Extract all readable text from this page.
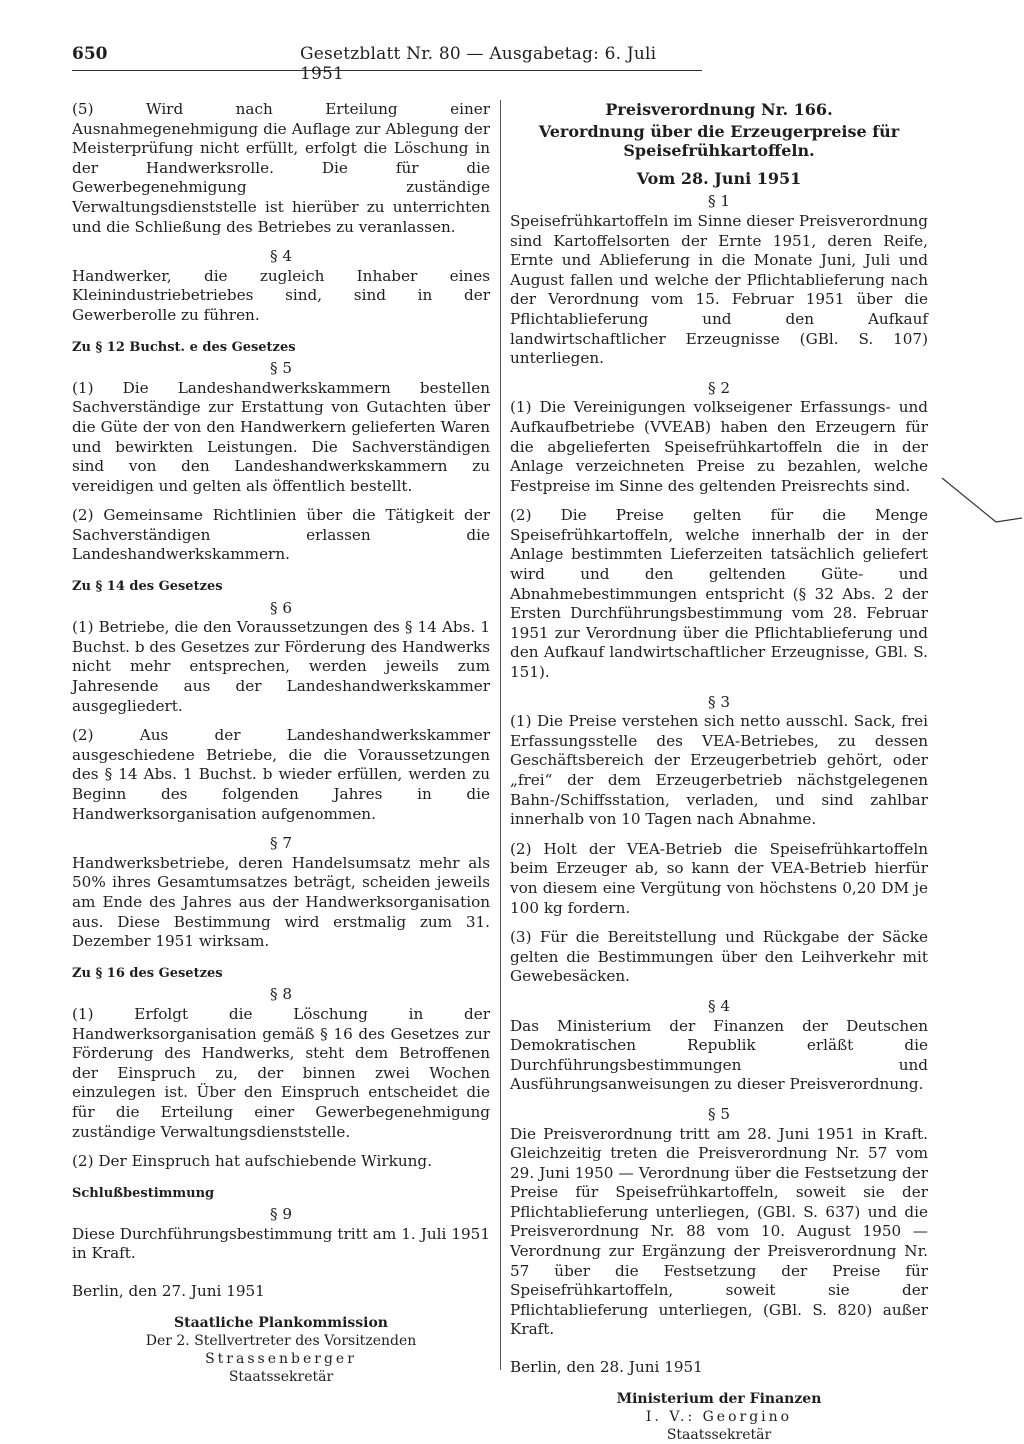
650	Gesetzblatt Nr. 80 — Ausgabetag: 6. Juli 1951

(5) Wird nach Erteilung einer Ausnahmegenehmigung die Auflage zur Ablegung der Meisterprüfung nicht erfüllt, erfolgt die Löschung in der Handwerksrolle. Die für die Gewerbegenehmigung zuständige Verwaltungsdienststelle ist hierüber zu unterrichten und die Schließung des Betriebes zu veranlassen.

§ 4

Handwerker, die zugleich Inhaber eines Kleinindustriebetriebes sind, sind in der Gewerberolle zu führen.

Zu § 12 Buchst. e des Gesetzes
§ 5

(1) Die Landeshandwerkskammern bestellen Sachverständige zur Erstattung von Gutachten über die Güte der von den Handwerkern gelieferten Waren und bewirkten Leistungen. Die Sachverständigen sind von den Landeshandwerkskammern zu vereidigen und gelten als öffentlich bestellt.

(2) Gemeinsame Richtlinien über die Tätigkeit der Sachverständigen erlassen die Landeshandwerkskammern.

Zu § 14 des Gesetzes
§ 6

(1) Betriebe, die den Voraussetzungen des § 14 Abs. 1 Buchst. b des Gesetzes zur Förderung des Handwerks nicht mehr entsprechen, werden jeweils zum Jahresende aus der Landeshandwerkskammer ausgegliedert.

(2) Aus der Landeshandwerkskammer ausgeschiedene Betriebe, die die Voraussetzungen des § 14 Abs. 1 Buchst. b wieder erfüllen, werden zu Beginn des folgenden Jahres in die Handwerksorganisation aufgenommen.

§ 7

Handwerksbetriebe, deren Handelsumsatz mehr als 50% ihres Gesamtumsatzes beträgt, scheiden jeweils am Ende des Jahres aus der Handwerksorganisation aus. Diese Bestimmung wird erstmalig zum 31. Dezember 1951 wirksam.

Zu § 16 des Gesetzes
§ 8

(1) Erfolgt die Löschung in der Handwerksorganisation gemäß § 16 des Gesetzes zur Förderung des Handwerks, steht dem Betroffenen der Einspruch zu, der binnen zwei Wochen einzulegen ist. Über den Einspruch entscheidet die für die Erteilung einer Gewerbegenehmigung zuständige Verwaltungsdienststelle.

(2) Der Einspruch hat aufschiebende Wirkung.

Schlußbestimmung
§ 9

Diese Durchführungsbestimmung tritt am 1. Juli 1951 in Kraft.

Berlin, den 27. Juni 1951
Staatliche Plankommission
Der 2. Stellvertreter des Vorsitzenden
Strassenberger
Staatssekretär
Preisverordnung Nr. 166.
Verordnung über die Erzeugerpreise für Speisefrühkartoffeln.
Vom 28. Juni 1951
§ 1

Speisefrühkartoffeln im Sinne dieser Preisverordnung sind Kartoffelsorten der Ernte 1951, deren Reife, Ernte und Ablieferung in die Monate Juni, Juli und August fallen und welche der Pflichtablieferung nach der Verordnung vom 15. Februar 1951 über die Pflichtablieferung und den Aufkauf landwirtschaftlicher Erzeugnisse (GBl. S. 107) unterliegen.

§ 2

(1) Die Vereinigungen volkseigener Erfassungs- und Aufkaufbetriebe (VVEAB) haben den Erzeugern für die abgelieferten Speisefrühkartoffeln die in der Anlage verzeichneten Preise zu bezahlen, welche Festpreise im Sinne des geltenden Preisrechts sind.

(2) Die Preise gelten für die Menge Speisefrühkartoffeln, welche innerhalb der in der Anlage bestimmten Lieferzeiten tatsächlich geliefert wird und den geltenden Güte- und Abnahmebestimmungen entspricht (§ 32 Abs. 2 der Ersten Durchführungsbestimmung vom 28. Februar 1951 zur Verordnung über die Pflichtablieferung und den Aufkauf landwirtschaftlicher Erzeugnisse, GBl. S. 151).

§ 3

(1) Die Preise verstehen sich netto ausschl. Sack, frei Erfassungsstelle des VEA-Betriebes, zu dessen Geschäftsbereich der Erzeugerbetrieb gehört, oder „frei“ der dem Erzeugerbetrieb nächstgelegenen Bahn-/Schiffsstation, verladen, und sind zahlbar innerhalb von 10 Tagen nach Abnahme.

(2) Holt der VEA-Betrieb die Speisefrühkartoffeln beim Erzeuger ab, so kann der VEA-Betrieb hierfür von diesem eine Vergütung von höchstens 0,20 DM je 100 kg fordern.

(3) Für die Bereitstellung und Rückgabe der Säcke gelten die Bestimmungen über den Leihverkehr mit Gewebesäcken.

§ 4

Das Ministerium der Finanzen der Deutschen Demokratischen Republik erläßt die Durchführungsbestimmungen und Ausführungsanweisungen zu dieser Preisverordnung.

§ 5

Die Preisverordnung tritt am 28. Juni 1951 in Kraft. Gleichzeitig treten die Preisverordnung Nr. 57 vom 29. Juni 1950 — Verordnung über die Festsetzung der Preise für Speisefrühkartoffeln, soweit sie der Pflichtablieferung unterliegen, (GBl. S. 637) und die Preisverordnung Nr. 88 vom 10. August 1950 — Verordnung zur Ergänzung der Preisverordnung Nr. 57 über die Festsetzung der Preise für Speisefrühkartoffeln, soweit sie der Pflichtablieferung unterliegen, (GBl. S. 820) außer Kraft.

Berlin, den 28. Juni 1951
Ministerium der Finanzen
I. V.: Georgino
Staatssekretär
